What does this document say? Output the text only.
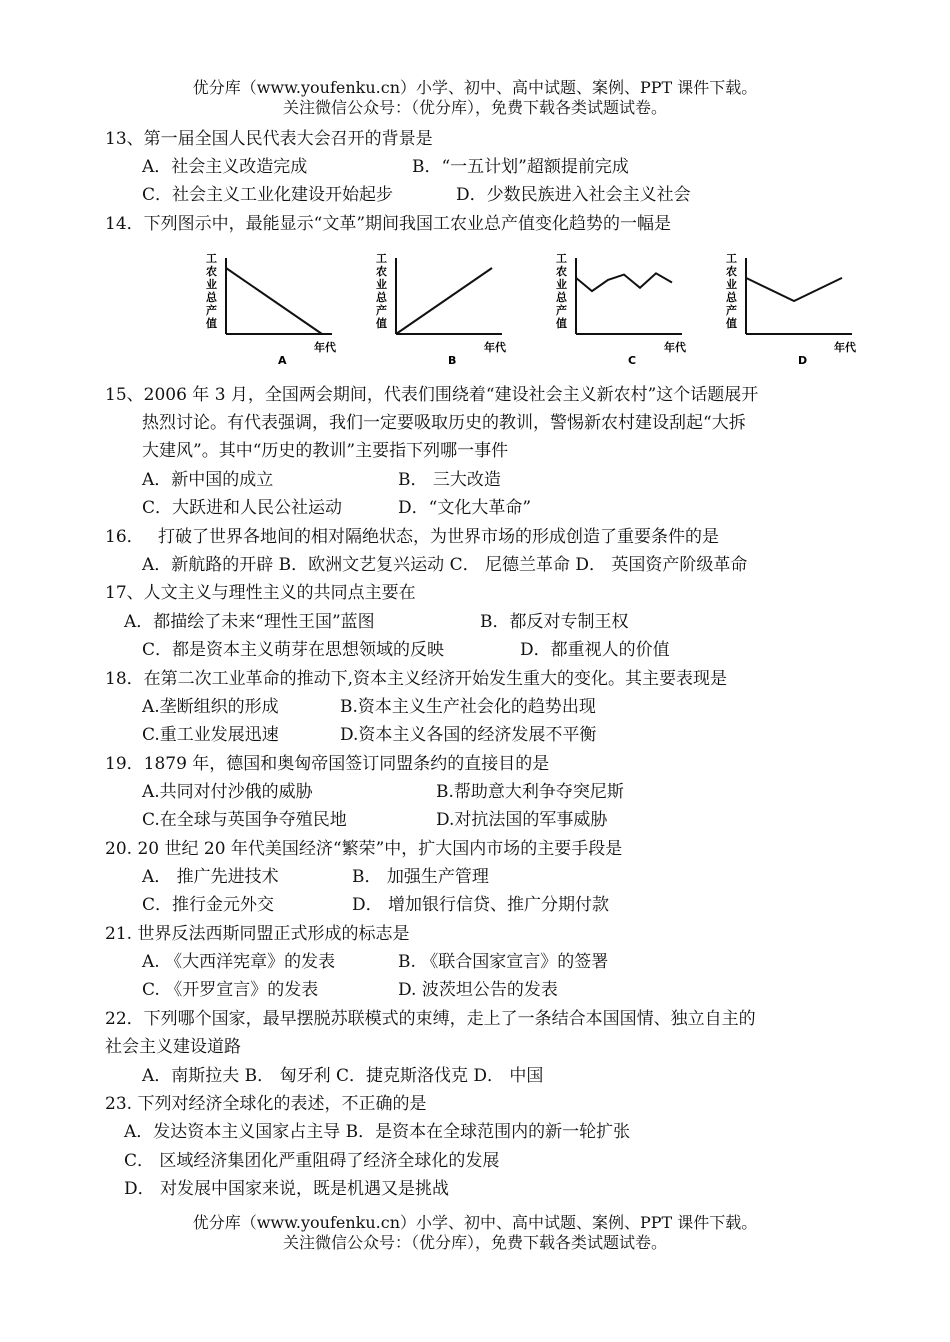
优分库（www.youfenku.cn）小学、初中、高中试题、案例、PPT 课件下载。
关注微信公众号：（优分库），免费下载各类试题试卷。
13、第一届全国人民代表大会召开的背景是
A．社会主义改造完成	B．“一五计划”超额提前完成
C．社会主义工业化建设开始起步	D．少数民族进入社会主义社会
14．下列图示中，最能显示“文革”期间我国工农业总产值变化趋势的一幅是
工
农
业
总
产
值
年代
A
工
农
业
总
产
值
年代
B
工
农
业
总
产
值
年代
C
工
农
业
总
产
值
年代
D
15、2006 年 3 月，全国两会期间，代表们围绕着“建设社会主义新农村”这个话题展开
热烈讨论。有代表强调，我们一定要吸取历史的教训，警惕新农村建设刮起“大拆
大建风”。其中“历史的教训”主要指下列哪一事件
A．新中国的成立	B． 三大改造
C．大跃进和人民公社运动	D．“文化大革命”
16． 打破了世界各地间的相对隔绝状态，为世界市场的形成创造了重要条件的是
A．新航路的开辟 B．欧洲文艺复兴运动 C． 尼德兰革命 D． 英国资产阶级革命
17、人文主义与理性主义的共同点主要在
A．都描绘了未来“理性王国”蓝图	B．都反对专制王权
C．都是资本主义萌芽在思想领域的反映	D．都重视人的价值
18．在第二次工业革命的推动下,资本主义经济开始发生重大的变化。其主要表现是
A.垄断组织的形成	B.资本主义生产社会化的趋势出现
C.重工业发展迅速	D.资本主义各国的经济发展不平衡
19．1879 年，德国和奥匈帝国签订同盟条约的直接目的是
A.共同对付沙俄的威胁	B.帮助意大利争夺突尼斯
C.在全球与英国争夺殖民地	D.对抗法国的军事威胁
20. 20 世纪 20 年代美国经济“繁荣”中，扩大国内市场的主要手段是
A． 推广先进技术	B． 加强生产管理
C．推行金元外交	D． 增加银行信贷、推广分期付款
21. 世界反法西斯同盟正式形成的标志是
A. 《大西洋宪章》的发表	B. 《联合国家宣言》的签署
C. 《开罗宣言》的发表	D. 波茨坦公告的发表
22．下列哪个国家，最早摆脱苏联模式的束缚，走上了一条结合本国国情、独立自主的
社会主义建设道路
A．南斯拉夫 B． 匈牙利 C．捷克斯洛伐克 D． 中国
23. 下列对经济全球化的表述，不正确的是
A．发达资本主义国家占主导 B．是资本在全球范围内的新一轮扩张
C． 区域经济集团化严重阻碍了经济全球化的发展
D． 对发展中国家来说，既是机遇又是挑战
优分库（www.youfenku.cn）小学、初中、高中试题、案例、PPT 课件下载。
关注微信公众号：（优分库），免费下载各类试题试卷。
